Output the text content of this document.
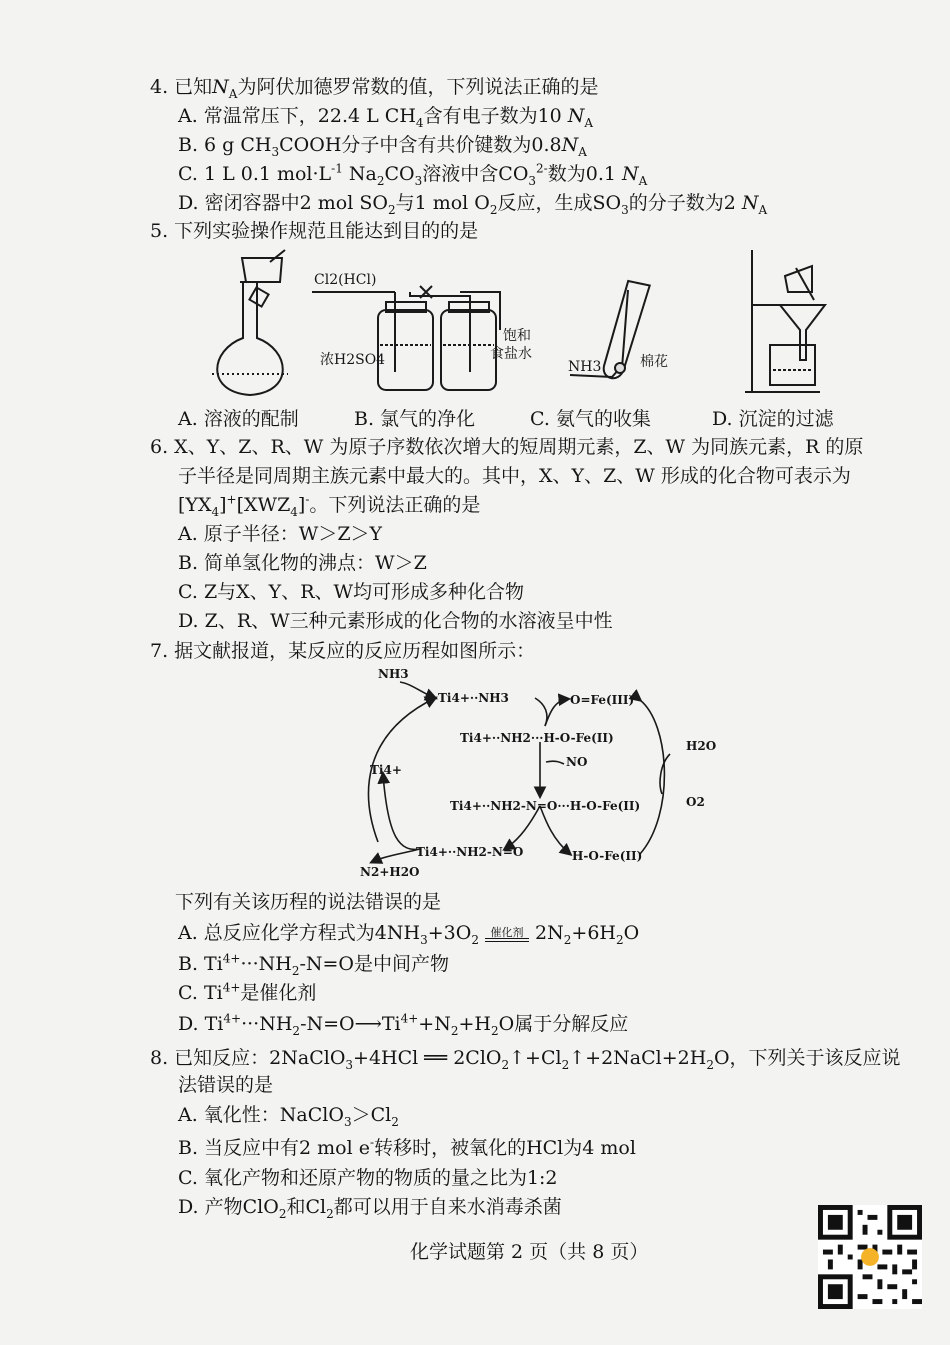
4. 已知$N_A$为阿伏加德罗常数的值，下列说法正确的是
A. 常温常压下，22.4 L $CH_4$含有电子数为10 $N_A$
B. 6 g $CH_3COOH$分子中含有共价键数为$0.8N_A$
C. 1 L 0.1 $mol\cdot L^{-1}$ $Na_2CO_3$溶液中含$CO_3^{2-}$数为0.1 $N_A$
D. 密闭容器中2 mol $SO_2$与1 mol $O_2$反应，生成$SO_3$的分子数为2 $N_A$
5. 下列实验操作规范且能达到目的的是
Cl2(HCl)
浓H2SO4
饱和
食盐水
NH3	棉花
A. 溶液的配制	B. 氯气的净化	C. 氨气的收集	D. 沉淀的过滤
6. X、Y、Z、R、W 为原子序数依次增大的短周期元素，Z、W 为同族元素，R 的原
子半径是同周期主族元素中最大的。其中，X、Y、Z、W 形成的化合物可表示为
$[YX_4]^+[XWZ_4]^-$。下列说法正确的是
A. 原子半径：W＞Z＞Y
B. 简单氢化物的沸点：W＞Z
C. Z与X、Y、R、W均可形成多种化合物
D. Z、R、W三种元素形成的化合物的水溶液呈中性
7. 据文献报道，某反应的反应历程如图所示：
NH3
Ti4+··NH3	O=Fe(III)
Ti4+··NH2···H-O-Fe(II)
NO
H2O
Ti4+
O2
Ti4+··NH2-N=O···H-O-Fe(II)
Ti4+··NH2-N=O	H-O-Fe(II)
N2+H2O
下列有关该历程的说法错误的是
A. 总反应化学方程式为$4NH_3+3O_2$
催化剂 $2N_2+6H_2O$
B. $Ti^{4+}\cdot\cdot\cdot NH_2-N=O$是中间产物
C. $Ti^{4+}$是催化剂
D. $Ti^{4+}\cdot\cdot\cdot NH_2-N=O⟶Ti^{4+}+N_2+H_2O$属于分解反应
8. 已知反应：2NaClO$_3$+4HCl ══ $2ClO_2↑+Cl_2↑+2NaCl+2H_2O$，下列关于该反应说
法错误的是
A. 氧化性：$NaClO_3>Cl_2$
B. 当反应中有2 mol e-转移时，被氧化的HCl为4 mol
C. 氧化产物和还原产物的物质的量之比为1:2
D. 产物ClO$_2$和$Cl_2$都可以用于自来水消毒杀菌
化学试题第 2 页（共 8 页）
